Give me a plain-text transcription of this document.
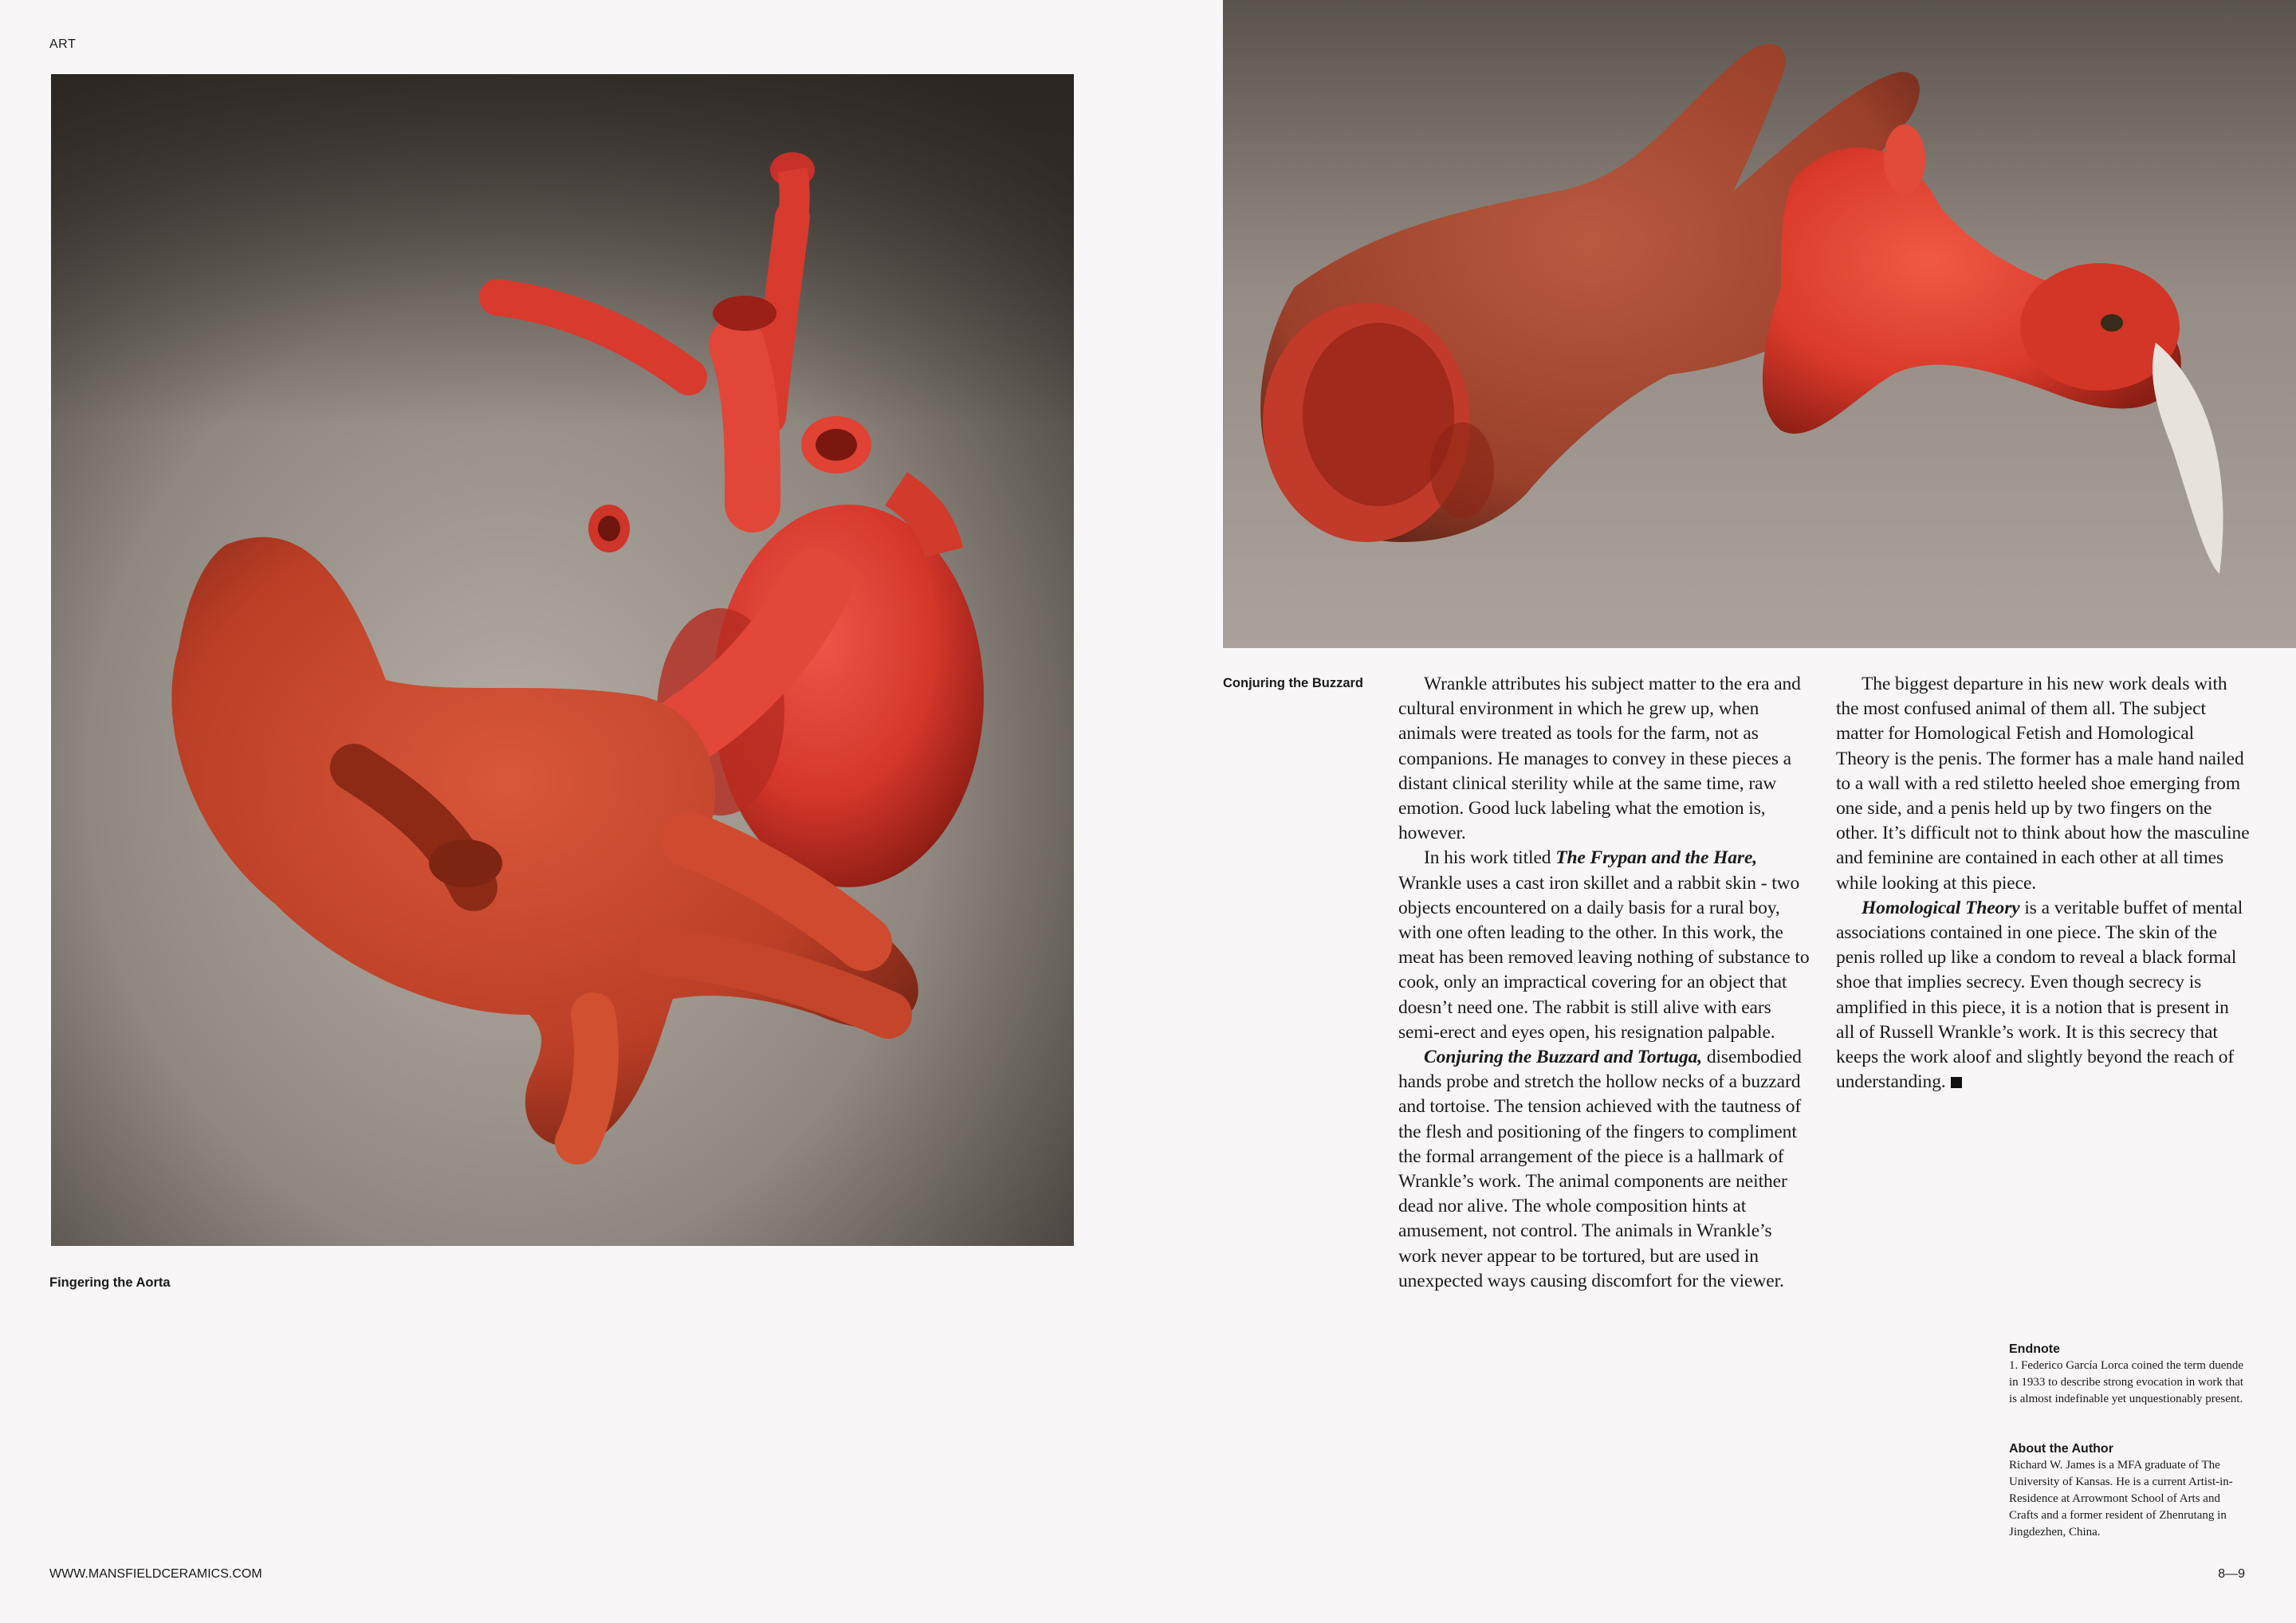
ART
Fingering the Aorta
Conjuring the Buzzard	Wrankle attributes his subject matter to the era and cultural environment in which he grew up, when animals were treated as tools for the farm, not as companions. He manages to convey in these pieces a distant clinical sterility while at the same time, raw emotion. Good luck labeling what the emotion is, however.

In his work titled The Frypan and the Hare, Wrankle uses a cast iron skillet and a rabbit skin - two objects encountered on a daily basis for a rural boy, with one often leading to the other. In this work, the meat has been removed leaving nothing of substance to cook, only an impractical covering for an object that doesn’t need one. The rabbit is still alive with ears semi-erect and eyes open, his resignation palpable.

Conjuring the Buzzard and Tortuga, disembodied hands probe and stretch the hollow necks of a buzzard and tortoise. The tension achieved with the tautness of the flesh and positioning of the fingers to compliment the formal arrangement of the piece is a hallmark of Wrankle’s work. The animal components are neither dead nor alive. The whole composition hints at amusement, not control. The animals in Wrankle’s work never appear to be tortured, but are used in unexpected ways causing discomfort for the viewer.

The biggest departure in his new work deals with the most confused animal of them all. The subject matter for Homological Fetish and Homological Theory is the penis. The former has a male hand nailed to a wall with a red stiletto heeled shoe emerging from one side, and a penis held up by two fingers on the other. It’s difficult not to think about how the masculine and feminine are contained in each other at all times while looking at this piece.

Homological Theory is a veritable buffet of mental associations contained in one piece. The skin of the penis rolled up like a condom to reveal a black formal shoe that implies secrecy. Even though secrecy is amplified in this piece, it is a notion that is present in all of Russell Wrankle’s work. It is this secrecy that keeps the work aloof and slightly beyond the reach of understanding.

Endnote
1. Federico García Lorca coined the term duende in 1933 to describe strong evocation in work that is almost indefinable yet unquestionably present.
About the Author
Richard W. James is a MFA graduate of The University of Kansas. He is a current Artist-in-Residence at Arrowmont School of Arts and Crafts and a former resident of Zhenrutang in Jingdezhen, China.
WWW.MANSFIELDCERAMICS.COM	8—9
